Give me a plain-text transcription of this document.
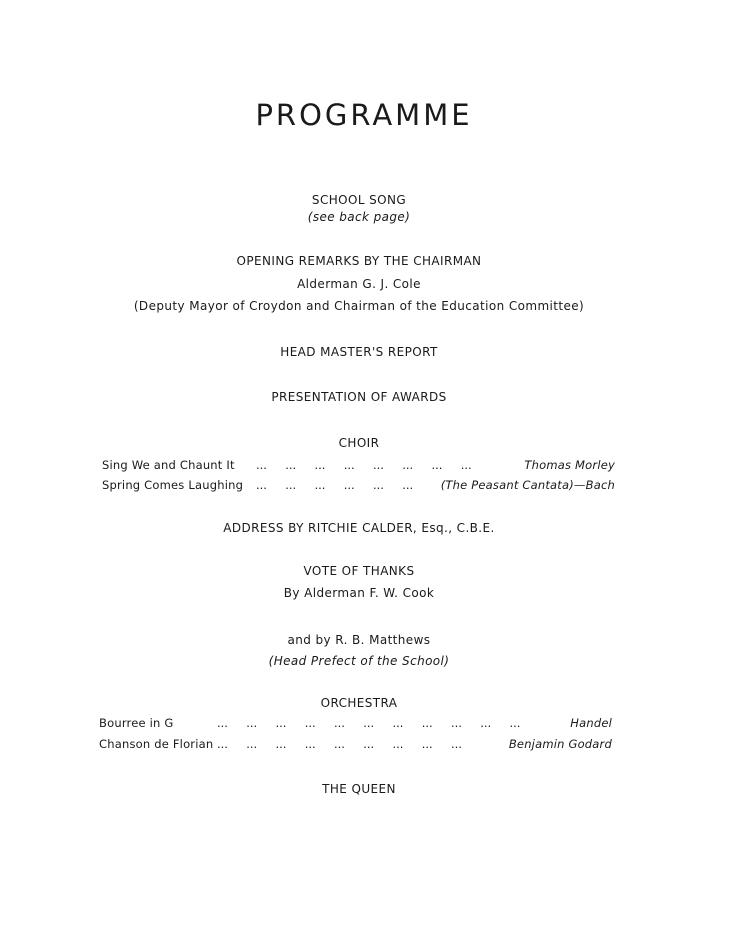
PROGRAMME
SCHOOL SONG
(see back page)
OPENING REMARKS BY THE CHAIRMAN
Alderman G. J. Cole
(Deputy Mayor of Croydon and Chairman of the Education Committee)
HEAD MASTER'S REPORT
PRESENTATION OF AWARDS
CHOIR
Sing We and Chaunt It ...     ...     ...     ...     ...     ...     ...     ...	Thomas Morley
Spring Comes Laughing ...     ...     ...     ...     ...     ... (The Peasant Cantata)—Bach
ADDRESS BY RITCHIE CALDER, Esq., C.B.E.
VOTE OF THANKS
By Alderman F. W. Cook
and by R. B. Matthews
(Head Prefect of the School)
ORCHESTRA
Bourree in G	...     ...     ...     ...     ...     ...     ...     ...     ...     ...     ...	Handel
Chanson de Florian ...     ...     ...     ...     ...     ...     ...     ...     ...	Benjamin Godard
THE QUEEN
